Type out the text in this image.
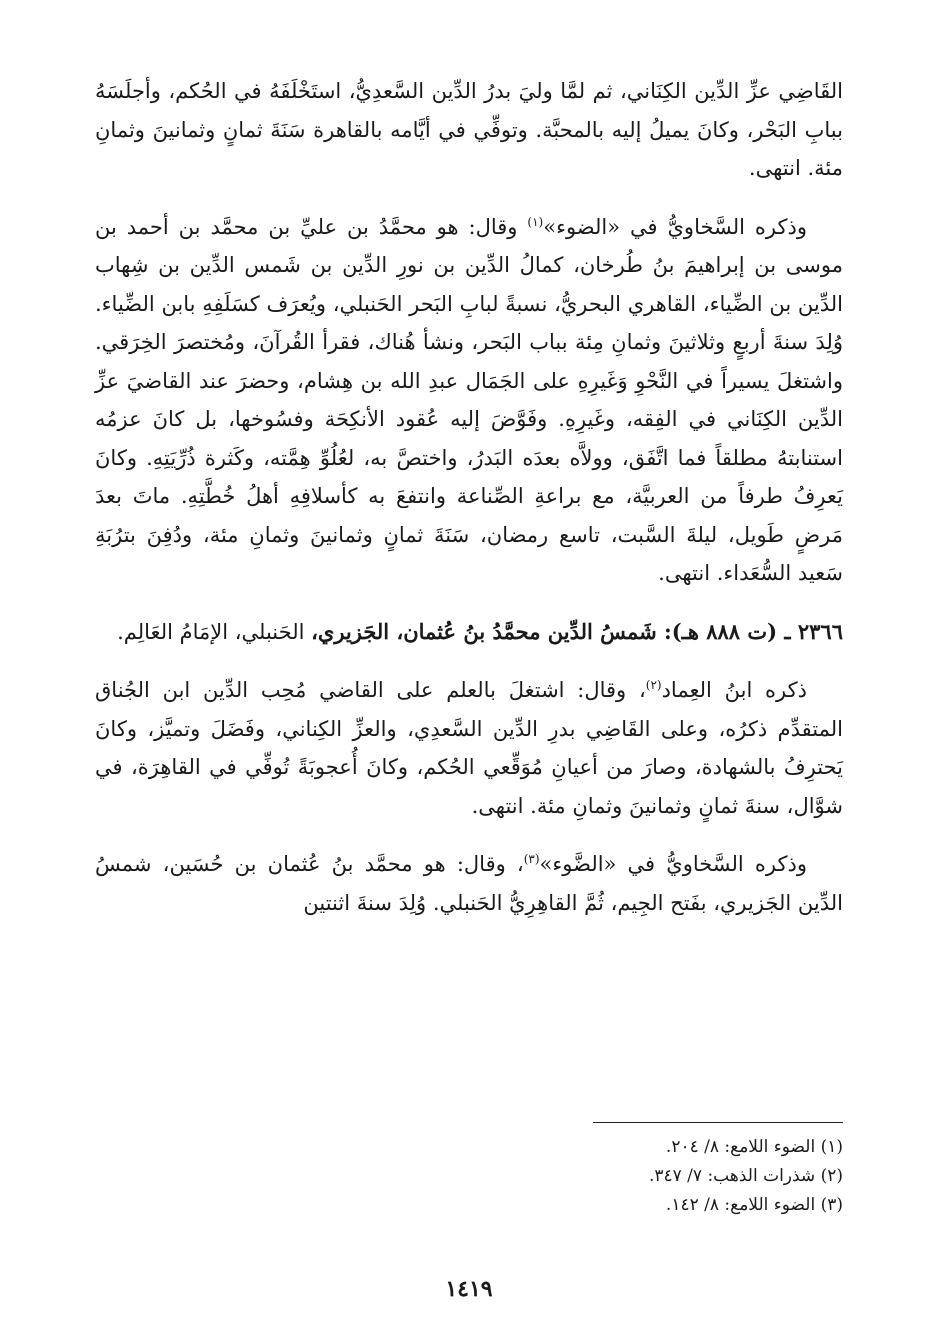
القَاضِي عزِّ الدِّين الكِنَاني، ثم لمَّا وليَ بدرُ الدِّين السَّعدِيُّ، استَخْلَفَهُ في الحُكم، وأجلَسَهُ ببابِ البَحْر، وكانَ يميلُ إليه بالمحبَّة. وتوفِّي في أيَّامه بالقاهرة سَنَةَ ثمانٍ وثمانينَ وثمانِ مئة. انتهى.

وذكره السَّخاويُّ في «الضوء»$^{(١)}$ وقال: هو محمَّدُ بن عليِّ بن محمَّد بن أحمد بن موسى بن إبراهيمَ بنُ طُرخان، كمالُ الدِّين بن نورِ الدِّين بن شَمس الدِّين بن شِهاب الدِّين بن الضِّياء، القاهري البحريُّ، نسبةً لبابِ البَحر الحَنبلي، ويُعرَف كسَلَفِهِ بابن الضِّياء. وُلِدَ سنةَ أربعٍ وثلاثينَ وثمانِ مِئة بباب البَحر، ونشأ هُناك، فقرأ القُرآنَ، ومُختصرَ الخِرَقي. واشتغلَ يسيراً في النَّحْوِ وَغَيرِهِ على الجَمَال عبدِ الله بن هِشام، وحضرَ عند القاضيَ عزِّ الدِّين الكِنَاني في الفِقه، وغَيرِهِ. وفَوَّضَ إليه عُقود الأنكِحَة وفسُوخها، بل كانَ عزمُه استنابتهُ مطلقاً فما اتَّفَق، وولاَّه بعدَه البَدرُ، واختصَّ به، لعُلُوِّ هِمَّته، وكَثرة ذُرِّيَتِهِ. وكانَ يَعرِفُ طرفاً من العربيَّة، مع براعةِ الصِّناعة وانتفعَ به كأسلافِهِ أهلُ خُطَّتِهِ. ماتَ بعدَ مَرضٍ طَويل، ليلةَ السَّبت، تاسع رمضان، سَنَةَ ثمانٍ وثمانينَ وثمانِ مئة، ودُفِنَ بترُبَةِ سَعيد السُّعَداء. انتهى.

٢٣٦٦ ـ (ت ٨٨٨ هـ): شَمسُ الدِّين محمَّدُ بنُ عُثمان، الجَزيري، الحَنبلي، الإمَامُ العَالِم.

ذكره ابنُ العِماد$^{(٢)}$، وقال: اشتغلَ بالعلم على القاضي مُحِب الدِّين ابن الجُناق المتقدِّم ذكرُه، وعلى القَاضِي بدرِ الدِّين السَّعدِي، والعزِّ الكِناني، وفَضَلَ وتميَّز، وكانَ يَحترِفُ بالشهادة، وصارَ من أعيانِ مُوَقِّعي الحُكم، وكانَ أُعجوبَةً تُوفِّي في القاهِرَة، في شوَّال، سنةَ ثمانٍ وثمانينَ وثمانِ مئة. انتهى.

وذكره السَّخاويُّ في «الضَّوء»$^{(٣)}$، وقال: هو محمَّد بنُ عُثمان بن حُسَين، شمسُ الدِّين الجَزيري، بفَتح الجِيم، ثُمَّ القاهِرِيُّ الحَنبلي. وُلِدَ سنةَ اثنتين

(١) الضوء اللامع: ٨/ ٢٠٤.

(٢) شذرات الذهب: ٧/ ٣٤٧.

(٣) الضوء اللامع: ٨/ ١٤٢.

١٤١٩
